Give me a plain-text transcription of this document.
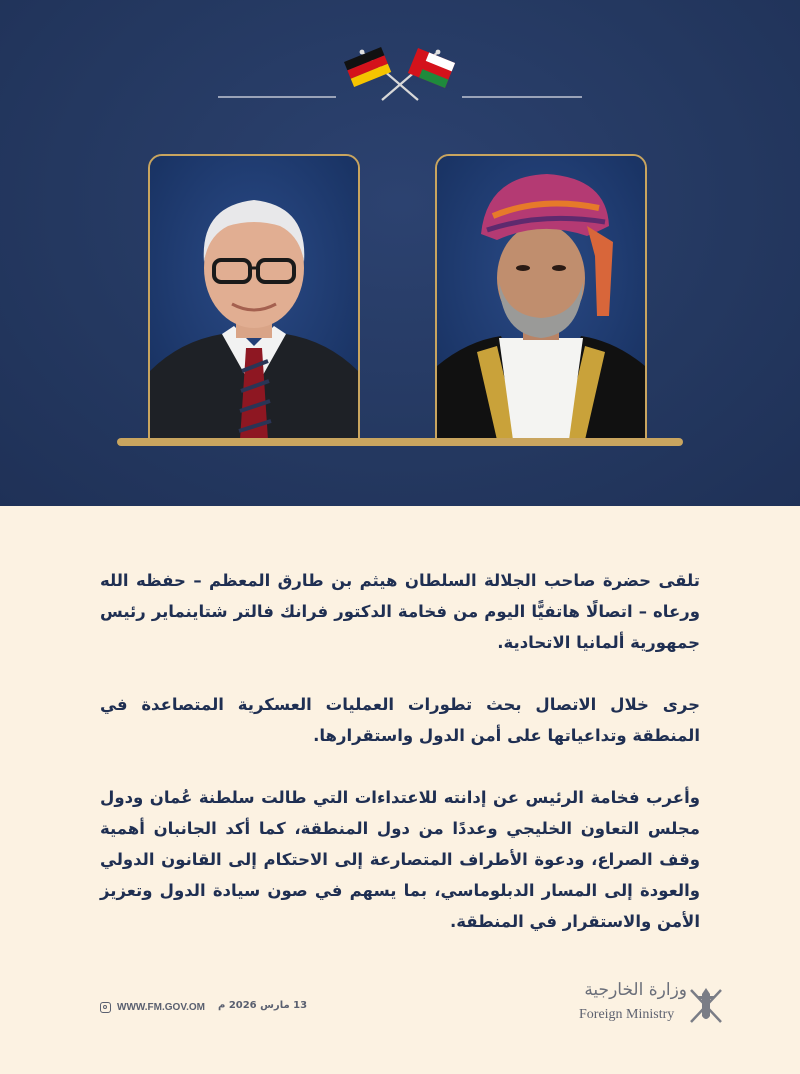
تلقى حضرة صاحب الجلالة السلطان هيثم بن طارق المعظم – حفظه الله ورعاه – اتصالًا هاتفيًّا اليوم من فخامة الدكتور فرانك فالتر شتاينماير رئيس جمهورية ألمانيا الاتحادية.

جرى خلال الاتصال بحث تطورات العمليات العسكرية المتصاعدة في المنطقة وتداعياتها على أمن الدول واستقرارها.

وأعرب فخامة الرئيس عن إدانته للاعتداءات التي طالت سلطنة عُمان ودول مجلس التعاون الخليجي وعددًا من دول المنطقة، كما أكد الجانبان أهمية وقف الصراع، ودعوة الأطراف المتصارعة إلى الاحتكام إلى القانون الدولي والعودة إلى المسار الدبلوماسي، بما يسهم في صون سيادة الدول وتعزيز الأمن والاستقرار في المنطقة.

WWW.FM.GOV.OM 13 مارس 2026 م
وزارة الخارجية
Foreign Ministry
